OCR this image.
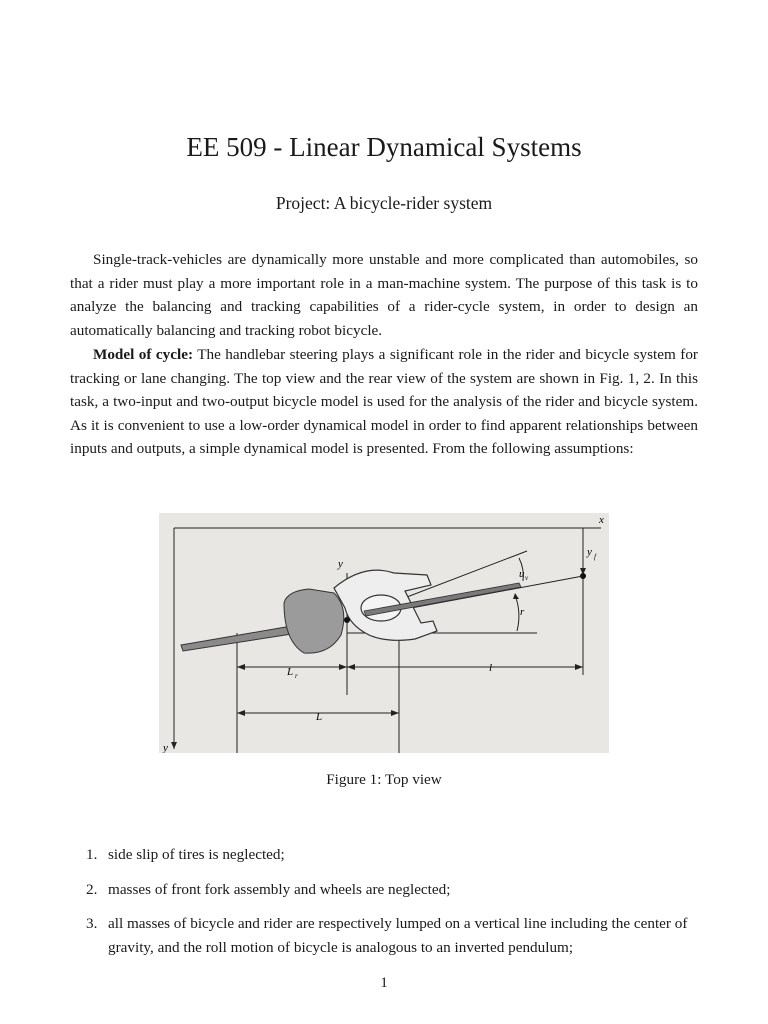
EE 509 - Linear Dynamical Systems
Project: A bicycle-rider system
Single-track-vehicles are dynamically more unstable and more complicated than automobiles, so that a rider must play a more important role in a man-machine system. The purpose of this task is to analyze the balancing and tracking capabilities of a rider-cycle system, in order to design an automatically balancing and tracking robot bicycle.
Model of cycle: The handlebar steering plays a significant role in the rider and bicycle system for tracking or lane changing. The top view and the rear view of the system are shown in Fig. 1, 2. In this task, a two-input and two-output bicycle model is used for the analysis of the rider and bicycle system. As it is convenient to use a low-order dynamical model in order to find apparent relationships between inputs and outputs, a simple dynamical model is presented. From the following assumptions:
x
y
y
y f
u v
r
L r
l
L
Figure 1: Top view
1. side slip of tires is neglected;
2. masses of front fork assembly and wheels are neglected;
3. all masses of bicycle and rider are respectively lumped on a vertical line including the center of gravity, and the roll motion of bicycle is analogous to an inverted pendulum;
1
